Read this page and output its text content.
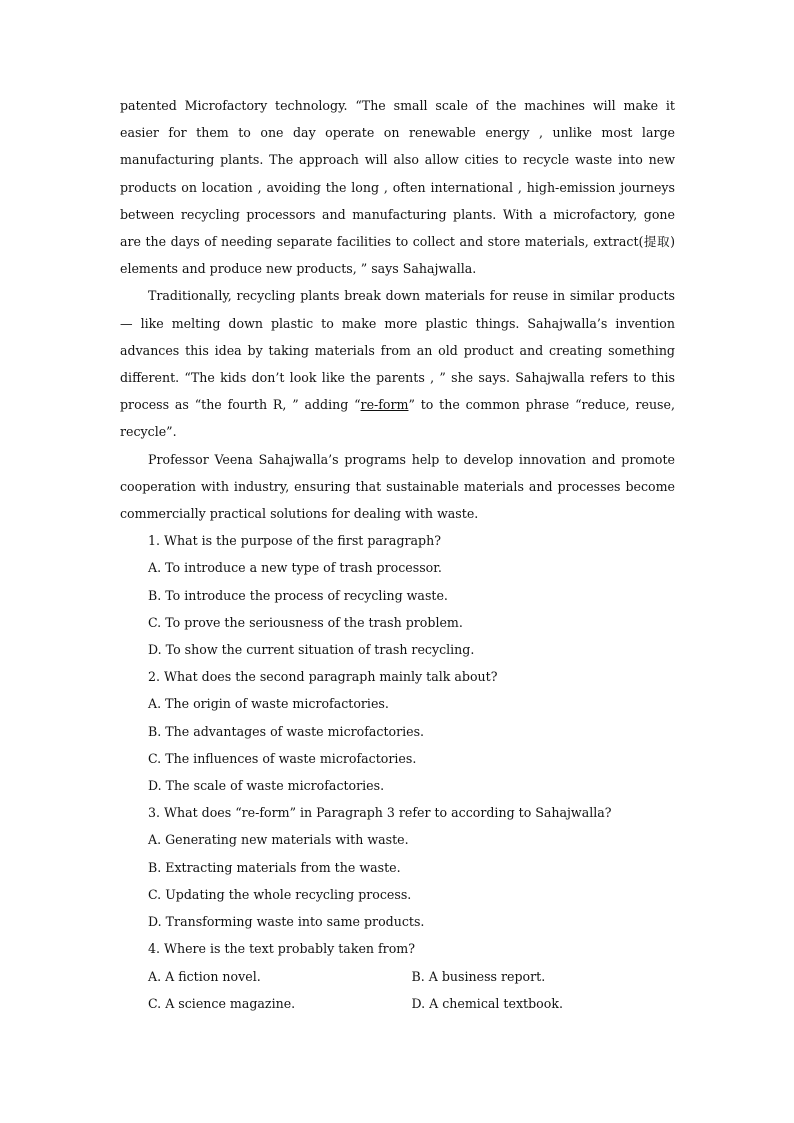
patented Microfactory technology. “The small scale of the machines will make it easier for them to one day operate on renewable energy , unlike most large manufacturing plants. The approach will also allow cities to recycle waste into new products on location , avoiding the long , often international , high-emission journeys between recycling processors and manufacturing plants. With a microfactory, gone are the days of needing separate facilities to collect and store materials, extract(提取) elements and produce new products, ” says Sahajwalla.

Traditionally, recycling plants break down materials for reuse in similar products — like melting down plastic to make more plastic things. Sahajwalla’s invention advances this idea by taking materials from an old product and creating something different. “The kids don’t look like the parents , ” she says. Sahajwalla refers to this process as “the fourth R, ” adding “re-form” to the common phrase “reduce, reuse, recycle”.

Professor Veena Sahajwalla’s programs help to develop innovation and promote cooperation with industry, ensuring that sustainable materials and processes become commercially practical solutions for dealing with waste.

1. What is the purpose of the first paragraph?

A. To introduce a new type of trash processor.

B. To introduce the process of recycling waste.

C. To prove the seriousness of the trash problem.

D. To show the current situation of trash recycling.

2. What does the second paragraph mainly talk about?

A. The origin of waste microfactories.

B. The advantages of waste microfactories.

C. The influences of waste microfactories.

D. The scale of waste microfactories.

3. What does “re-form” in Paragraph 3 refer to according to Sahajwalla?

A. Generating new materials with waste.

B. Extracting materials from the waste.

C. Updating the whole recycling process.

D. Transforming waste into same products.

4. Where is the text probably taken from?

A. A fiction novel.	B. A business report.
C. A science magazine.	D. A chemical textbook.
